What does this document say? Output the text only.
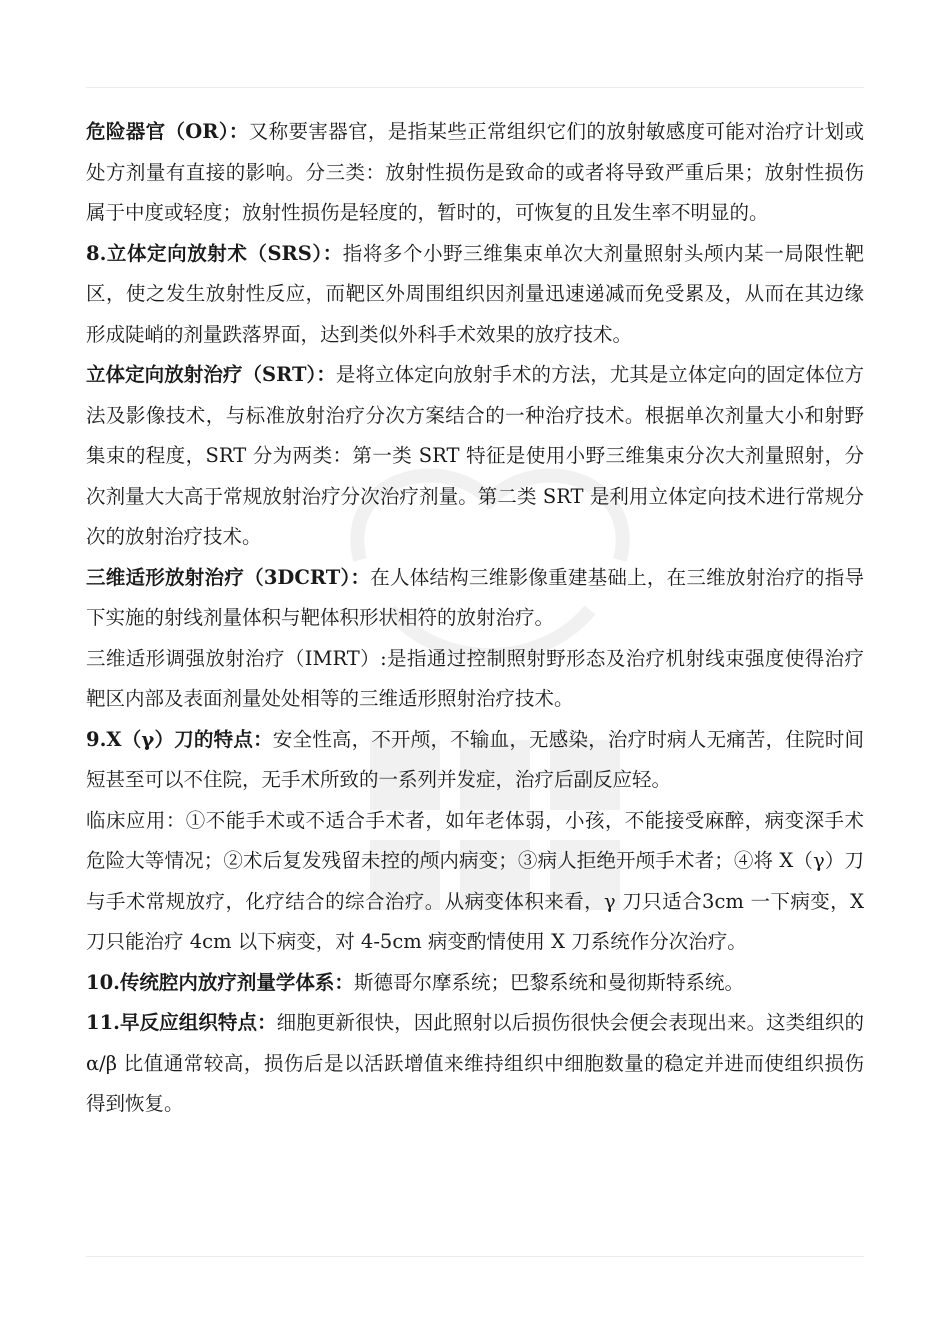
危险器官（OR）：又称要害器官，是指某些正常组织它们的放射敏感度可能对治疗计划或处方剂量有直接的影响。分三类：放射性损伤是致命的或者将导致严重后果；放射性损伤属于中度或轻度；放射性损伤是轻度的，暂时的，可恢复的且发生率不明显的。

8.立体定向放射术（SRS）：指将多个小野三维集束单次大剂量照射头颅内某一局限性靶区，使之发生放射性反应，而靶区外周围组织因剂量迅速递减而免受累及，从而在其边缘形成陡峭的剂量跌落界面，达到类似外科手术效果的放疗技术。

立体定向放射治疗（SRT）：是将立体定向放射手术的方法，尤其是立体定向的固定体位方法及影像技术，与标准放射治疗分次方案结合的一种治疗技术。根据单次剂量大小和射野集束的程度，SRT 分为两类：第一类 SRT 特征是使用小野三维集束分次大剂量照射，分次剂量大大高于常规放射治疗分次治疗剂量。第二类 SRT 是利用立体定向技术进行常规分次的放射治疗技术。

三维适形放射治疗（3DCRT）：在人体结构三维影像重建基础上，在三维放射治疗的指导下实施的射线剂量体积与靶体积形状相符的放射治疗。

三维适形调强放射治疗（IMRT）:是指通过控制照射野形态及治疗机射线束强度使得治疗靶区内部及表面剂量处处相等的三维适形照射治疗技术。

9.X（γ）刀的特点：安全性高，不开颅，不输血，无感染，治疗时病人无痛苦，住院时间短甚至可以不住院，无手术所致的一系列并发症，治疗后副反应轻。

临床应用：①不能手术或不适合手术者，如年老体弱，小孩，不能接受麻醉，病变深手术危险大等情况；②术后复发残留未控的颅内病变；③病人拒绝开颅手术者；④将 X（γ）刀与手术常规放疗，化疗结合的综合治疗。从病变体积来看，γ 刀只适合3cm 一下病变，X 刀只能治疗 4cm 以下病变，对 4-5cm 病变酌情使用 X 刀系统作分次治疗。

10.传统腔内放疗剂量学体系：斯德哥尔摩系统；巴黎系统和曼彻斯特系统。

11.早反应组织特点：细胞更新很快，因此照射以后损伤很快会便会表现出来。这类组织的 α/β 比值通常较高，损伤后是以活跃增值来维持组织中细胞数量的稳定并进而使组织损伤得到恢复。
